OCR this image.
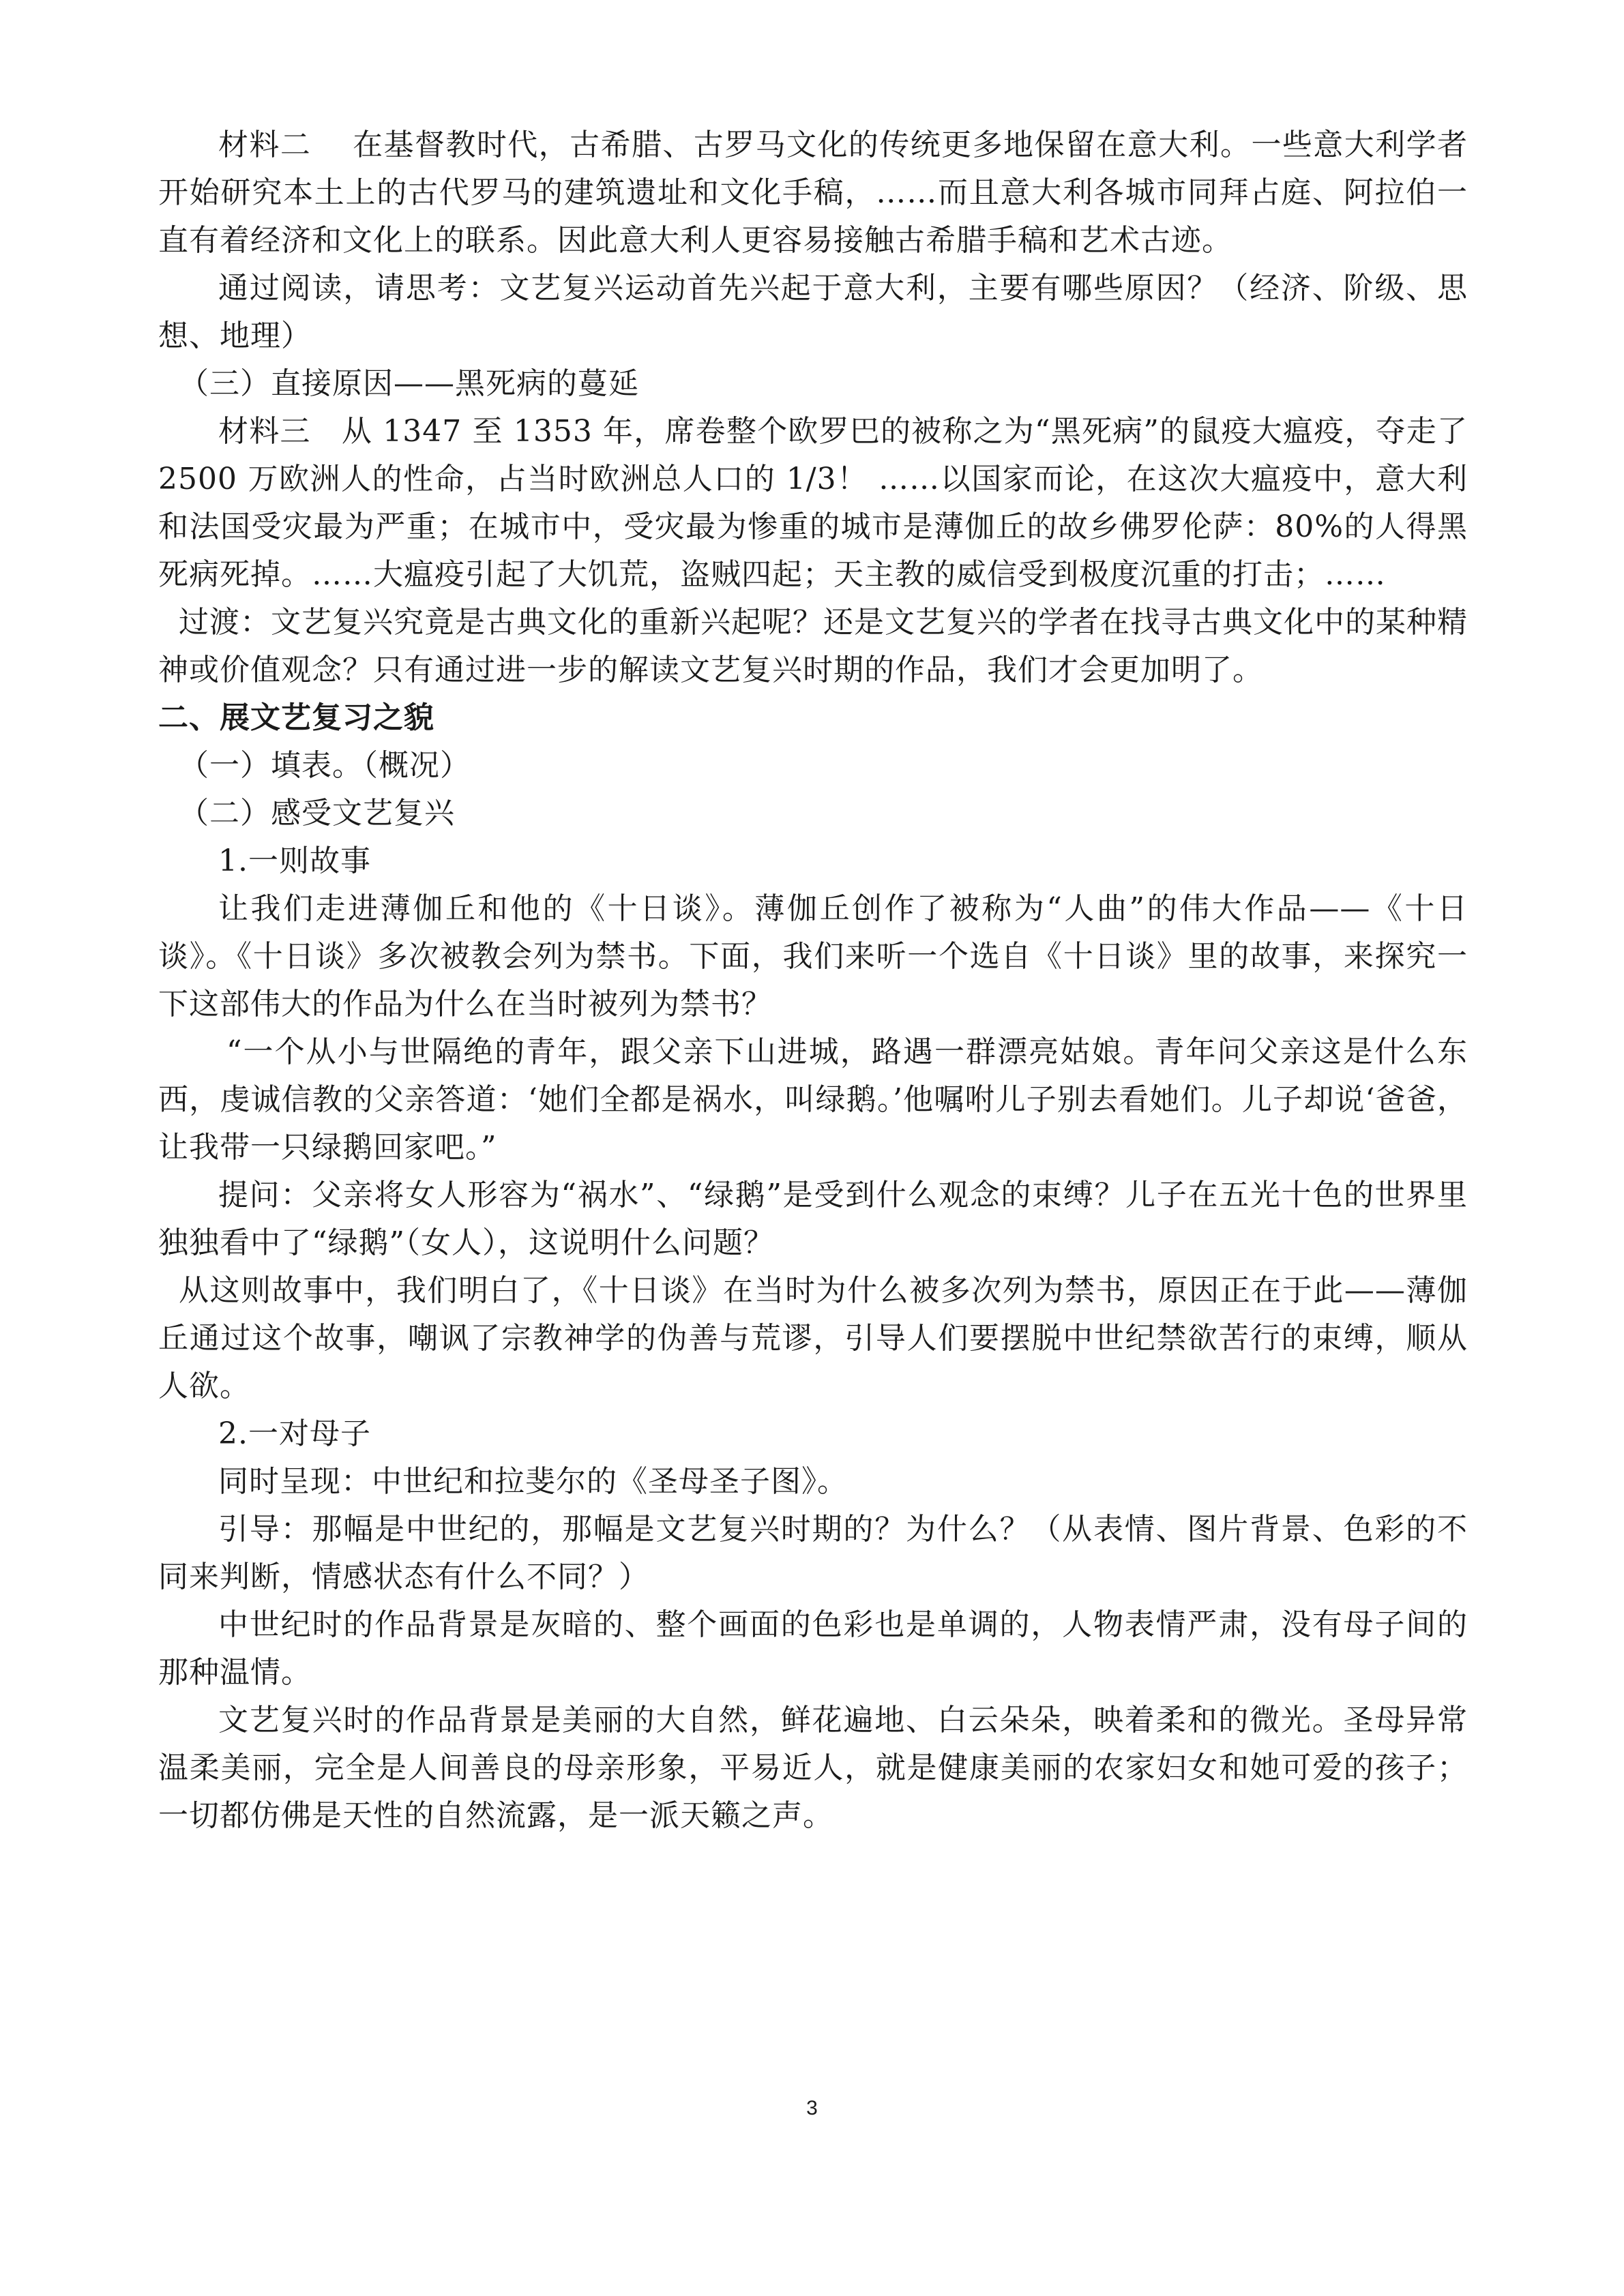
材料二　 在基督教时代，古希腊、古罗马文化的传统更多地保留在意大利。一些意大利学者开始研究本土上的古代罗马的建筑遗址和文化手稿，……而且意大利各城市同拜占庭、阿拉伯一直有着经济和文化上的联系。因此意大利人更容易接触古希腊手稿和艺术古迹。

通过阅读，请思考：文艺复兴运动首先兴起于意大利，主要有哪些原因？（经济、阶级、思想、地理）

（三）直接原因——黑死病的蔓延

材料三　从 1347 至 1353 年，席卷整个欧罗巴的被称之为“黑死病”的鼠疫大瘟疫，夺走了 2500 万欧洲人的性命，占当时欧洲总人口的 1/3！ ……以国家而论，在这次大瘟疫中，意大利和法国受灾最为严重；在城市中，受灾最为惨重的城市是薄伽丘的故乡佛罗伦萨：80%的人得黑死病死掉。……大瘟疫引起了大饥荒，盗贼四起；天主教的威信受到极度沉重的打击；……

过渡：文艺复兴究竟是古典文化的重新兴起呢？还是文艺复兴的学者在找寻古典文化中的某种精神或价值观念？只有通过进一步的解读文艺复兴时期的作品，我们才会更加明了。

二、展文艺复习之貌

（一）填表。（概况）

（二）感受文艺复兴

1.一则故事

让我们走进薄伽丘和他的《十日谈》。薄伽丘创作了被称为“人曲”的伟大作品——《十日谈》。《十日谈》多次被教会列为禁书。下面，我们来听一个选自《十日谈》里的故事，来探究一下这部伟大的作品为什么在当时被列为禁书？

“一个从小与世隔绝的青年，跟父亲下山进城，路遇一群漂亮姑娘。青年问父亲这是什么东西，虔诚信教的父亲答道：‘她们全都是祸水，叫绿鹅。’他嘱咐儿子别去看她们。儿子却说‘爸爸，让我带一只绿鹅回家吧。”

提问：父亲将女人形容为“祸水”、“绿鹅”是受到什么观念的束缚？儿子在五光十色的世界里独独看中了“绿鹅”（女人），这说明什么问题？

从这则故事中，我们明白了，《十日谈》在当时为什么被多次列为禁书，原因正在于此——薄伽丘通过这个故事，嘲讽了宗教神学的伪善与荒谬，引导人们要摆脱中世纪禁欲苦行的束缚，顺从人欲。

2.一对母子

同时呈现：中世纪和拉斐尔的《圣母圣子图》。

引导：那幅是中世纪的，那幅是文艺复兴时期的？为什么？（从表情、图片背景、色彩的不同来判断，情感状态有什么不同？）

中世纪时的作品背景是灰暗的、整个画面的色彩也是单调的，人物表情严肃，没有母子间的那种温情。

文艺复兴时的作品背景是美丽的大自然，鲜花遍地、白云朵朵，映着柔和的微光。圣母异常温柔美丽，完全是人间善良的母亲形象，平易近人，就是健康美丽的农家妇女和她可爱的孩子；一切都仿佛是天性的自然流露，是一派天籁之声。

3
